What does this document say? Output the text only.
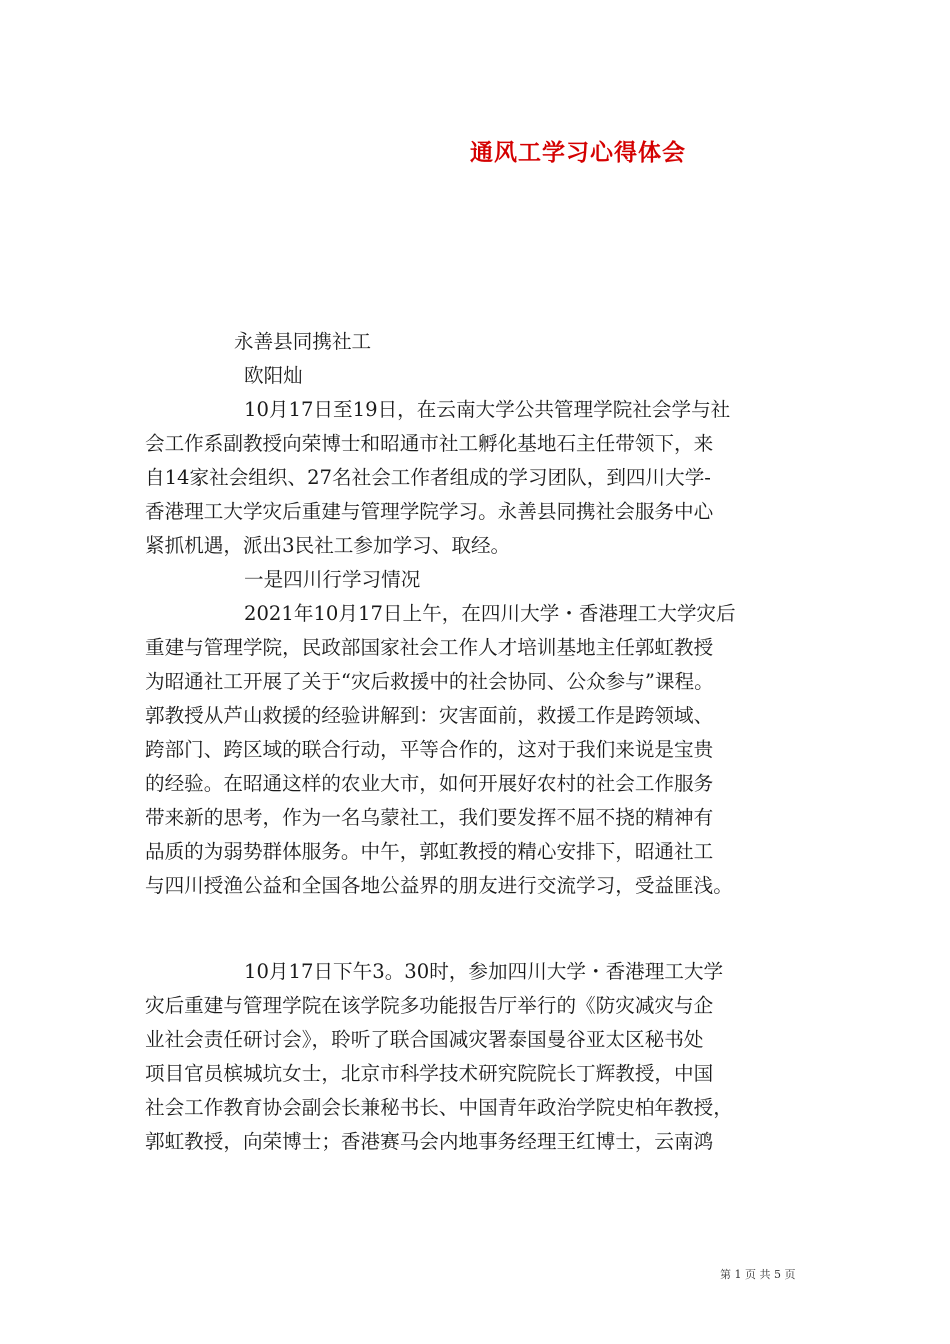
通风工学习心得体会

永善县同携社工

欧阳灿

10月17日至19日，在云南大学公共管理学院社会学与社

会工作系副教授向荣博士和昭通市社工孵化基地石主任带领下，来

自14家社会组织、27名社会工作者组成的学习团队，到四川大学-

香港理工大学灾后重建与管理学院学习。永善县同携社会服务中心

紧抓机遇，派出3民社工参加学习、取经。

一是四川行学习情况

2021年10月17日上午，在四川大学・香港理工大学灾后

重建与管理学院，民政部国家社会工作人才培训基地主任郭虹教授

为昭通社工开展了关于“灾后救援中的社会协同、公众参与”课程。

郭教授从芦山救援的经验讲解到：灾害面前，救援工作是跨领域、

跨部门、跨区域的联合行动，平等合作的，这对于我们来说是宝贵

的经验。在昭通这样的农业大市，如何开展好农村的社会工作服务

带来新的思考，作为一名乌蒙社工，我们要发挥不屈不挠的精神有

品质的为弱势群体服务。中午，郭虹教授的精心安排下，昭通社工

与四川授渔公益和全国各地公益界的朋友进行交流学习，受益匪浅。

10月17日下午3。30时，参加四川大学・香港理工大学

灾后重建与管理学院在该学院多功能报告厅举行的《防灾减灾与企

业社会责任研讨会》，聆听了联合国减灾署泰国曼谷亚太区秘书处

项目官员槟城坑女士，北京市科学技术研究院院长丁辉教授，中国

社会工作教育协会副会长兼秘书长、中国青年政治学院史柏年教授，

郭虹教授，向荣博士；香港赛马会内地事务经理王红博士，云南鸿

第 1 页 共 5 页
